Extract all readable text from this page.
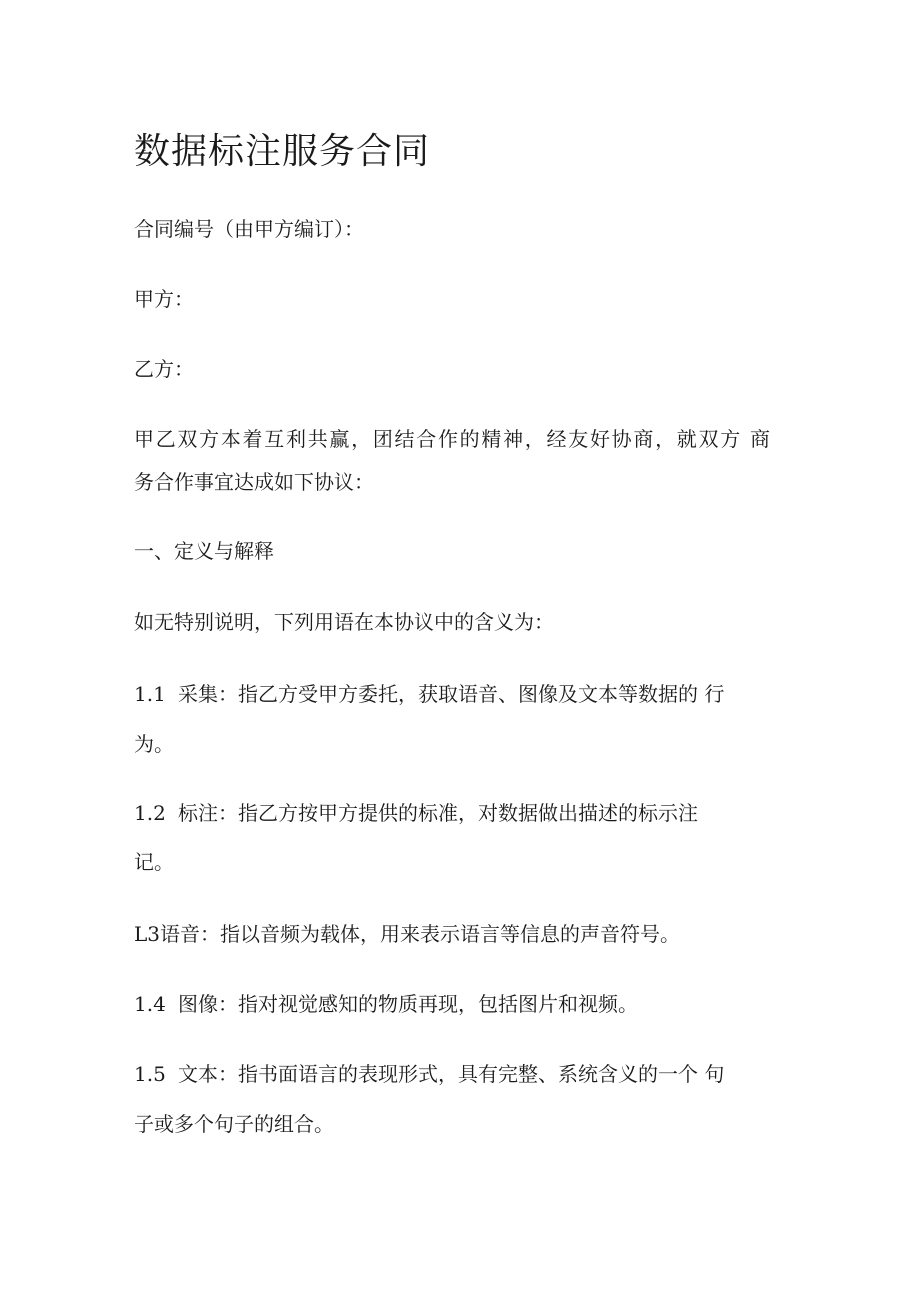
数据标注服务合同
合同编号（由甲方编订）：
甲方：
乙方：
甲乙双方本着互利共赢，团结合作的精神，经友好协商，就双方 商
务合作事宜达成如下协议：
一、定义与解释
如无特别说明，下列用语在本协议中的含义为：
1.1 采集：指乙方受甲方委托，获取语音、图像及文本等数据的 行
为。
1.2 标注：指乙方按甲方提供的标准，对数据做出描述的标示注
记。
L3语音：指以音频为载体，用来表示语言等信息的声音符号。
1.4 图像：指对视觉感知的物质再现，包括图片和视频。
1.5 文本：指书面语言的表现形式，具有完整、系统含义的一个 句
子或多个句子的组合。
